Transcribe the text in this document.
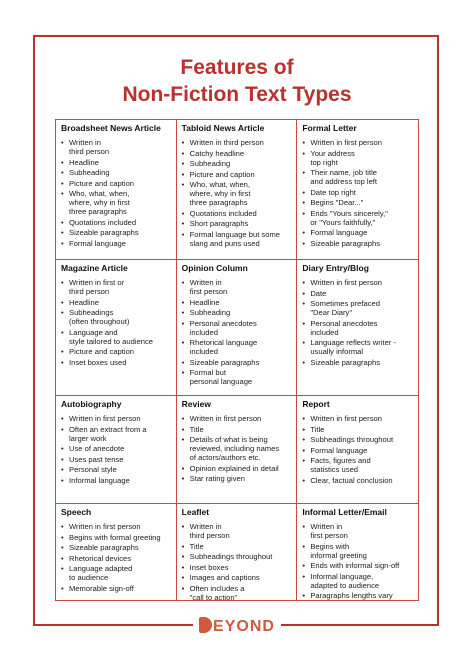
Features of
Non-Fiction Text Types
Broadsheet News Article
• Written in
third person
• Headline
• Subheading
• Picture and caption
• Who, what, when,
where, why in first
three paragraphs
• Quotations included
• Sizeable paragraphs
• Formal language
Tabloid News Article
• Written in third person
• Catchy headline
• Subheading
• Picture and caption
• Who, what, when,
where, why in first
three paragraphs
• Quotations included
• Short paragraphs
• Formal language but some
slang and puns used
Formal Letter
• Written in first person
• Your address
top right
• Their name, job title
and address top left
• Date top right
• Begins "Dear..."
• Ends "Yours sincerely,"
or "Yours faithfully,"
• Formal language
• Sizeable paragraphs
Magazine Article
• Written in first or
third person
• Headline
• Subheadings
(often throughout)
• Language and
style tailored to audience
• Picture and caption
• Inset boxes used
Opinion Column
• Written in
first person
• Headline
• Subheading
• Personal anecdotes
included
• Rhetorical language
included
• Sizeable paragraphs
• Formal but
personal language
Diary Entry/Blog
• Written in first person
• Date
• Sometimes prefaced
"Dear Diary"
• Personal anecdotes
included
• Language reflects writer -
usually informal
• Sizeable paragraphs
Autobiography
• Written in first person
• Often an extract from a
larger work
• Use of anecdote
• Uses past tense
• Personal style
• Informal language
Review
• Written in first person
• Title
• Details of what is being
reviewed, including names
of actors/authors etc.
• Opinion explained in detail
• Star rating given
Report
• Written in first person
• Title
• Subheadings throughout
• Formal language
• Facts, figures and
statistics used
• Clear, factual conclusion
Speech
• Written in first person
• Begins with formal greeting
• Sizeable paragraphs
• Rhetorical devices
• Language adapted
to audience
• Memorable sign-off
Leaflet
• Written in
third person
• Title
• Subheadings throughout
• Inset boxes
• Images and captions
• Often includes a
"call to action"
Informal Letter/Email
• Written in
first person
• Begins with
informal greeting
• Ends with informal sign-off
• Informal language,
adapted to audience
• Paragraphs lengths vary
EYOND
